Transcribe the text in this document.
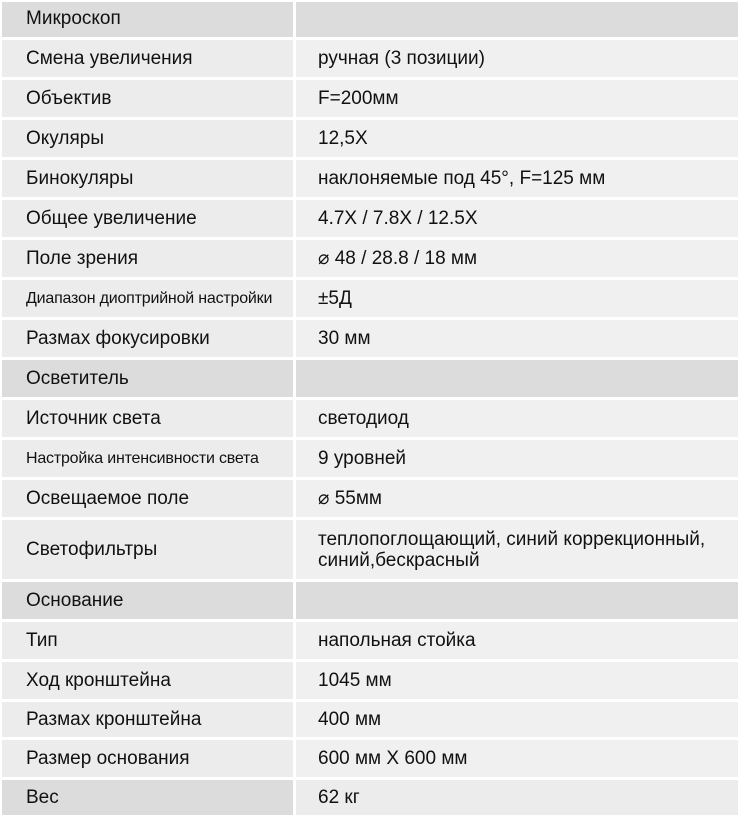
Микроскоп
Смена увеличения	ручная (3 позиции)
Объектив	F=200мм
Окуляры	12,5X
Бинокуляры	наклоняемые под 45°, F=125 мм
Общее увеличение	4.7X / 7.8X / 12.5X
Поле зрения	⌀ 48 / 28.8 / 18 мм
Диапазон диоптрийной настройки ±5Д
Размах фокусировки	30 мм
Осветитель
Источник света	светодиод
Настройка интенсивности света	9 уровней
Освещаемое поле	⌀ 55мм
Светофильтры	теплопоглощающий, синий коррекционный, синий,бескрасный
Основание
Тип	напольная стойка
Ход кронштейна	1045 мм
Размах кронштейна	400 мм
Размер основания	600 мм X 600 мм
Вес	62 кг
